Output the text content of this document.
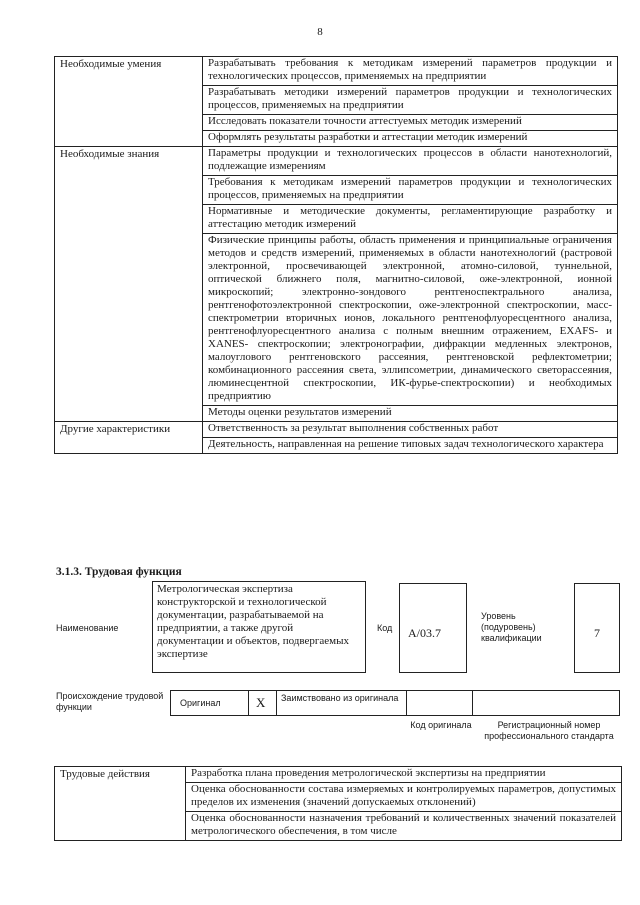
8
Необходимые умения	Разрабатывать требования к методикам измерений параметров продукции и технологических процессов, применяемых на предприятии
Разрабатывать методики измерений параметров продукции и технологических процессов, применяемых на предприятии
Исследовать показатели точности аттестуемых методик измерений
Оформлять результаты разработки и аттестации методик измерений

Необходимые знания	Параметры продукции и технологических процессов в области нанотехнологий, подлежащие измерениям
Требования к методикам измерений параметров продукции и технологических процессов, применяемых на предприятии
Нормативные и методические документы, регламентирующие разработку и аттестацию методик измерений
Физические принципы работы, область применения и принципиальные ограничения методов и средств измерений, применяемых в области нанотехнологий (растровой электронной, просвечивающей электронной, атомно-силовой, туннельной, оптической ближнего поля, магнитно-силовой, оже-электронной, ионной микроскопий; электронно-зондового рентгеноспектрального анализа, рентгенофотоэлектронной спектроскопии, оже-электронной спектроскопии, масс-спектрометрии вторичных ионов, локального рентгенофлуоресцентного анализа, рентгенофлуоресцентного анализа с полным внешним отражением, EXAFS- и XANES- спектроскопии; электронографии, дифракции медленных электронов, малоуглового рентгеновского рассеяния, рентгеновской рефлектометрии; комбинационного рассеяния света, эллипсометрии, динамического светорассеяния, люминесцентной спектроскопии, ИК-фурье-спектроскопии) и необходимых предприятию
Методы оценки результатов измерений

Другие характеристики	Ответственность за результат выполнения собственных работ
Деятельность, направленная на решение типовых задач технологического характера
3.1.3. Трудовая функция
Наименование
Метрологическая экспертиза конструкторской и технологической документации, разрабатываемой на предприятии, а также другой документации и объектов, подвергаемых экспертизе
Код	А/03.7
Уровень (подуровень) квалификации	7
Происхождение трудовой функции	Оригинал	X Заимствовано из оригинала
Код оригинала	Регистрационный номер профессионального стандарта
Трудовые действия	Разработка плана проведения метрологической экспертизы на предприятии
Оценка обоснованности состава измеряемых и контролируемых параметров, допустимых пределов их изменения (значений допускаемых отклонений)
Оценка обоснованности назначения требований и количественных значений показателей метрологического обеспечения, в том числе
